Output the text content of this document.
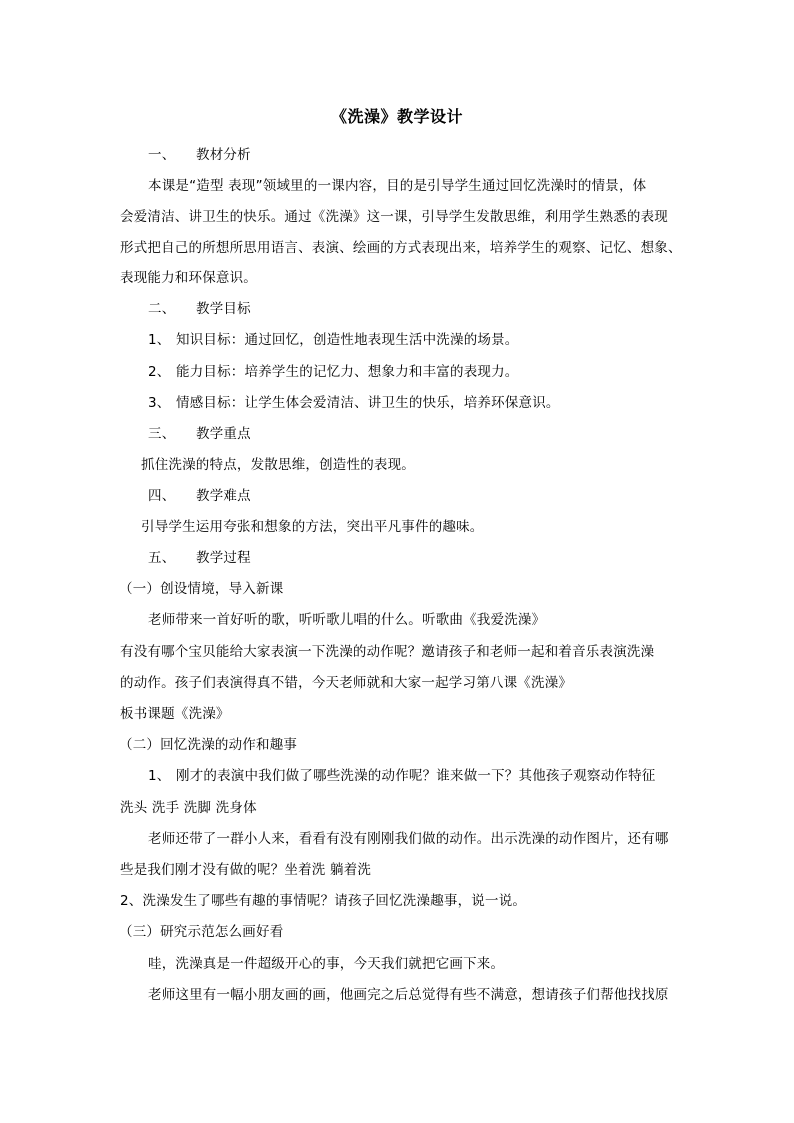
《洗澡》教学设计
一、 教材分析
本课是“造型 表现”领域里的一课内容，目的是引导学生通过回忆洗澡时的情景，体
会爱清洁、讲卫生的快乐。通过《洗澡》这一课，引导学生发散思维，利用学生熟悉的表现
形式把自己的所想所思用语言、表演、绘画的方式表现出来，培养学生的观察、记忆、想象、
表现能力和环保意识。
二、 教学目标
1、 知识目标：通过回忆，创造性地表现生活中洗澡的场景。
2、 能力目标：培养学生的记忆力、想象力和丰富的表现力。
3、 情感目标：让学生体会爱清洁、讲卫生的快乐，培养环保意识。
三、 教学重点
抓住洗澡的特点，发散思维，创造性的表现。
四、 教学难点
引导学生运用夸张和想象的方法，突出平凡事件的趣味。
五、 教学过程
（一）创设情境，导入新课
老师带来一首好听的歌，听听歌儿唱的什么。听歌曲《我爱洗澡》
有没有哪个宝贝能给大家表演一下洗澡的动作呢？邀请孩子和老师一起和着音乐表演洗澡
的动作。孩子们表演得真不错，今天老师就和大家一起学习第八课《洗澡》
板书课题《洗澡》
（二）回忆洗澡的动作和趣事
1、 刚才的表演中我们做了哪些洗澡的动作呢？谁来做一下？其他孩子观察动作特征
洗头 洗手 洗脚 洗身体
老师还带了一群小人来，看看有没有刚刚我们做的动作。出示洗澡的动作图片，还有哪
些是我们刚才没有做的呢？坐着洗 躺着洗
2、洗澡发生了哪些有趣的事情呢？请孩子回忆洗澡趣事，说一说。
（三）研究示范怎么画好看
哇，洗澡真是一件超级开心的事，今天我们就把它画下来。
老师这里有一幅小朋友画的画，他画完之后总觉得有些不满意，想请孩子们帮他找找原
